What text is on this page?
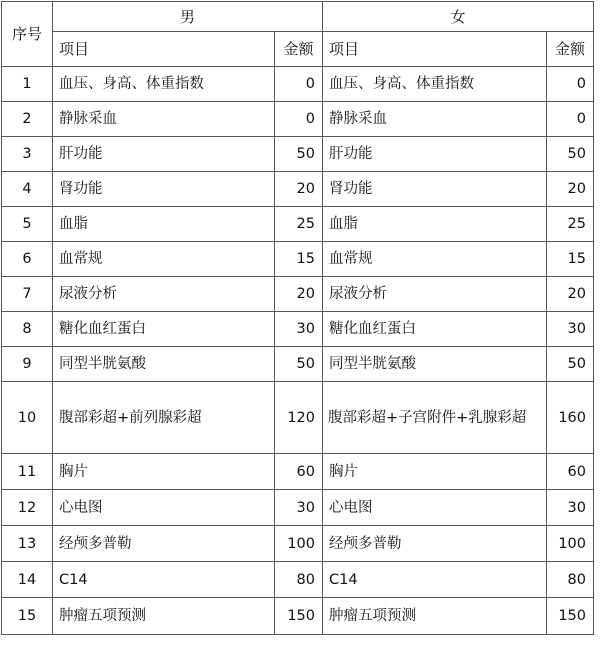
序号	男		女	
	项目	金额	项目	金额
1	血压、身高、体重指数	0	血压、身高、体重指数	0
2	静脉采血	0	静脉采血	0
3	肝功能	50	肝功能	50
4	肾功能	20	肾功能	20
5	血脂	25	血脂	25
6	血常规	15	血常规	15
7	尿液分析	20	尿液分析	20
8	糖化血红蛋白	30	糖化血红蛋白	30
9	同型半胱氨酸	50	同型半胱氨酸	50
10	腹部彩超+前列腺彩超	120	腹部彩超+子宫附件+乳腺彩超	160
11	胸片	60	胸片	60
12	心电图	30	心电图	30
13	经颅多普勒	100	经颅多普勒	100
14	C14	80	C14	80
15	肿瘤五项预测	150	肿瘤五项预测	150
